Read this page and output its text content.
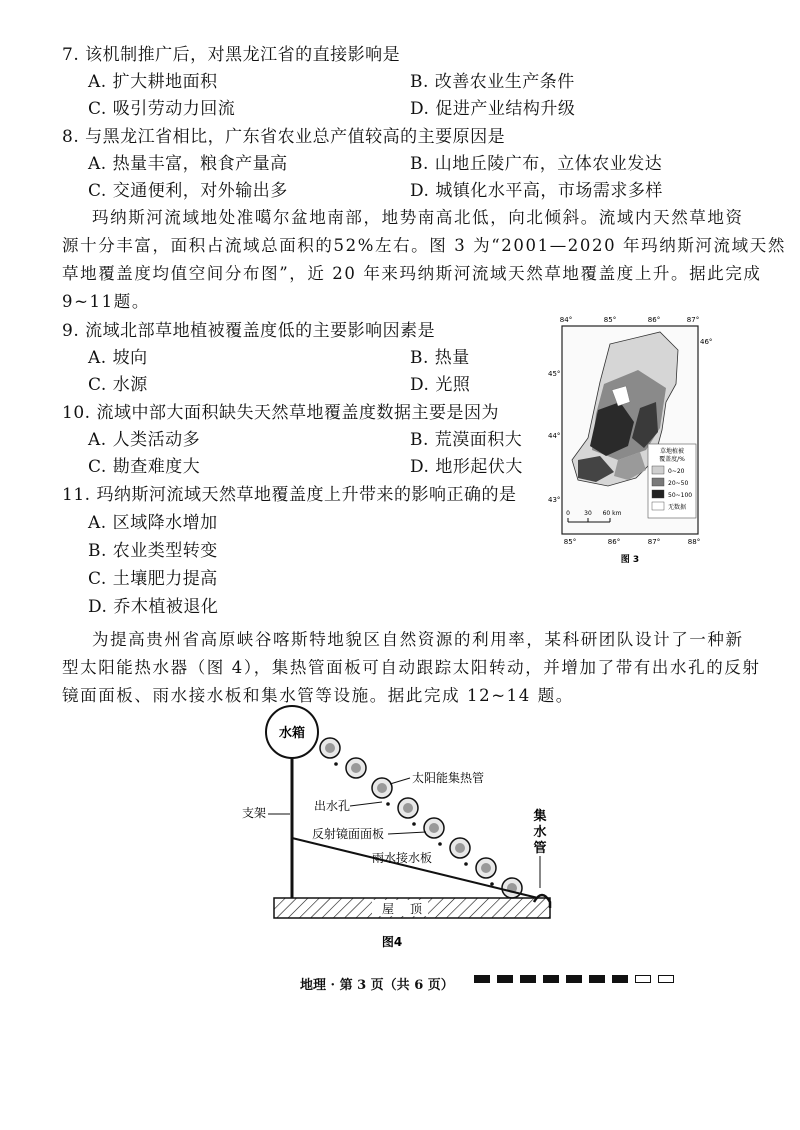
7. 该机制推广后，对黑龙江省的直接影响是
A. 扩大耕地面积	B. 改善农业生产条件
C. 吸引劳动力回流	D. 促进产业结构升级
8. 与黑龙江省相比，广东省农业总产值较高的主要原因是
A. 热量丰富，粮食产量高	B. 山地丘陵广布，立体农业发达
C. 交通便利，对外输出多	D. 城镇化水平高，市场需求多样
玛纳斯河流域地处准噶尔盆地南部，地势南高北低，向北倾斜。流域内天然草地资
源十分丰富，面积占流域总面积的52%左右。图 3 为“2001—2020 年玛纳斯河流域天然
草地覆盖度均值空间分布图”，近 20 年来玛纳斯河流域天然草地覆盖度上升。据此完成
9~11题。
9. 流域北部草地植被覆盖度低的主要影响因素是
A. 坡向	B. 热量
C. 水源	D. 光照
10. 流域中部大面积缺失天然草地覆盖度数据主要是因为
A. 人类活动多	B. 荒漠面积大
C. 勘查难度大	D. 地形起伏大
11. 玛纳斯河流域天然草地覆盖度上升带来的影响正确的是
A. 区域降水增加
B. 农业类型转变
C. 土壤肥力提高
D. 乔木植被退化
84°	85°	86°	87°
46°
45°
44°
43°
85°	86°	87°	88°
草地植被
覆盖度/%
0~20
20~50
50~100
无数据
0 30 60 km
图 3
为提高贵州省高原峡谷喀斯特地貌区自然资源的利用率，某科研团队设计了一种新
型太阳能热水器（图 4），集热管面板可自动跟踪太阳转动，并增加了带有出水孔的反射
镜面面板、雨水接水板和集水管等设施。据此完成 12~14 题。
水箱
支架
太阳能集热管
出水孔
反射镜面面板
雨水接水板
集
水
管
屋 顶
图4
地理 · 第 3 页（共 6 页）
